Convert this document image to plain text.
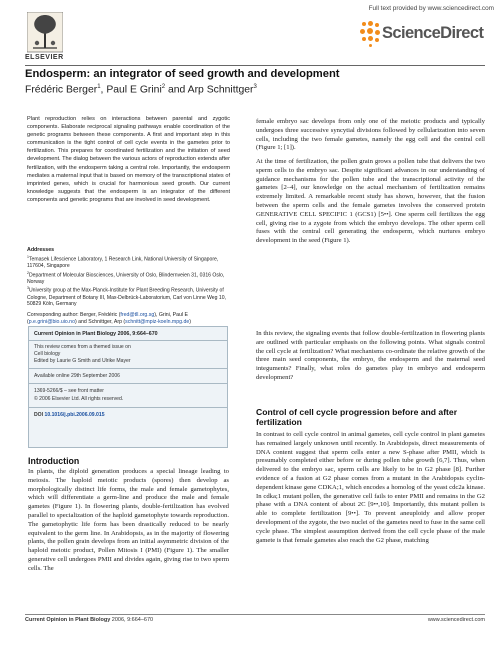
Full text provided by www.sciencedirect.com
ELSEVIER
ScienceDirect
Endosperm: an integrator of seed growth and development
Frédéric Berger$^1$, Paul E Grini$^2$ and Arp Schnittger$^3$
Plant reproduction relies on interactions between parental and zygotic components. Elaborate reciprocal signaling pathways enable coordination of the genetic programs between these components. A first and important step in this communication is the tight control of cell cycle events in the gametes prior to fertilization. This prepares for coordinated fertilization and the initiation of seed development. The dialog between the various actors of reproduction extends after fertilization, with the endosperm taking a central role. Importantly, the endosperm mediates a maternal input that is based on memory of the transcriptional states of imprinted genes, which is crucial for harmonious seed growth. Our current knowledge suggests that the endosperm is an integrator of the different components and genetic programs that are involved in seed development.
Addresses
$^1$Temasek Lifescience Laboratory, 1 Research Link, National University of Singapore, 117604, Singapore
$^2$Department of Molecular Biosciences, University of Oslo, Blindernveien 31, 0316 Oslo, Norway
$^3$University group at the Max-Planck-Institute for Plant Breeding Research, University of Cologne, Department of Botany III, Max-Delbrück-Laboratorium, Carl von Linne Weg 10, 50829 Köln, Germany
Corresponding author: Berger, Frédéric (fred@tll.org.sg), Grini, Paul E (p.e.grini@bio.uio.no) and Schnittger, Arp (schnitt@mpiz-koeln.mpg.de)
Current Opinion in Plant Biology 2006, 9:664–670
This review comes from a themed issue on
Cell biology
Edited by Laurie G Smith and Ulrike Mayer
Available online 29th September 2006
1369-5266/$ – see front matter
© 2006 Elsevier Ltd. All rights reserved.
DOI 10.1016/j.pbi.2006.09.015
Introduction
In plants, the diploid generation produces a special lineage leading to meiosis. The haploid meiotic products (spores) then develop as morphologically distinct life forms, the male and female gametophytes, which will differentiate a germ-line and produce the male and female gametes (Figure 1). In flowering plants, double-fertilization has evolved parallel to specialization of the haploid gametophyte towards reproduction. The gametophytic life form has been drastically reduced to be nearly equivalent to the germ line. In Arabidopsis, as in the majority of flowering plants, the pollen grain develops from an initial asymmetric division of the haploid meiotic product, Pollen Mitosis I (PMI) (Figure 1). The smaller generative cell undergoes PMII and divides again, giving rise to two sperm cells. The
female embryo sac develops from only one of the meiotic products and typically undergoes three successive syncytial divisions followed by cellularization into seven cells, including the two female gametes, namely the egg cell and the central cell (Figure 1; [1]).
At the time of fertilization, the pollen grain grows a pollen tube that delivers the two sperm cells to the embryo sac. Despite significant advances in our understanding of guidance mechanisms for the pollen tube and the transcriptional activity of the gametes [2–4], our knowledge on the actual mechanism of fertilization remains extremely limited. A remarkable recent study has shown, however, that the fusion between the sperm cells and the female gametes involves the conserved protein GENERATIVE CELL SPECIFIC 1 (GCS1) [5••]. One sperm cell fertilizes the egg cell, giving rise to a zygote from which the embryo develops. The other sperm cell fuses with the central cell generating the endosperm, which nurtures embryo development in the seed (Figure 1).
In this review, the signaling events that follow double-fertilization in flowering plants are outlined with particular emphasis on the following points. What signals control the cell cycle at fertilization? What mechanisms co-ordinate the relative growth of the three main seed components, the embryo, the endosperm and the maternal seed integuments? Finally, what roles do gametes play in embryo and endosperm development?
Control of cell cycle progression before and after fertilization
In contrast to cell cycle control in animal gametes, cell cycle control in plant gametes has remained largely unknown until recently. In Arabidopsis, direct measurements of DNA content suggest that sperm cells enter a new S-phase after PMII, which is presumably completed either before or during pollen tube growth [6,7]. Thus, when delivered to the embryo sac, sperm cells are likely to be in G2 phase [8]. Further evidence of a fusion at G2 phase comes from a mutant in the Arabidopsis cyclin-dependent kinase gene CDKA;1, which encodes a homolog of the yeast cdc2a kinase. In cdka;1 mutant pollen, the generative cell fails to enter PMII and remains in the G2 phase with a DNA content of about 2C [9••,10]. Importantly, this mutant pollen is able to complete fertilization [9••]. To prevent aneuploidy and allow proper development of the zygote, the two nuclei of the gametes need to fuse in the same cell cycle phase. The simplest assumption derived from the cell cycle phase of the male gamete is that female gametes also reach the G2 phase, matching
Current Opinion in Plant Biology 2006, 9:664–670	www.sciencedirect.com
